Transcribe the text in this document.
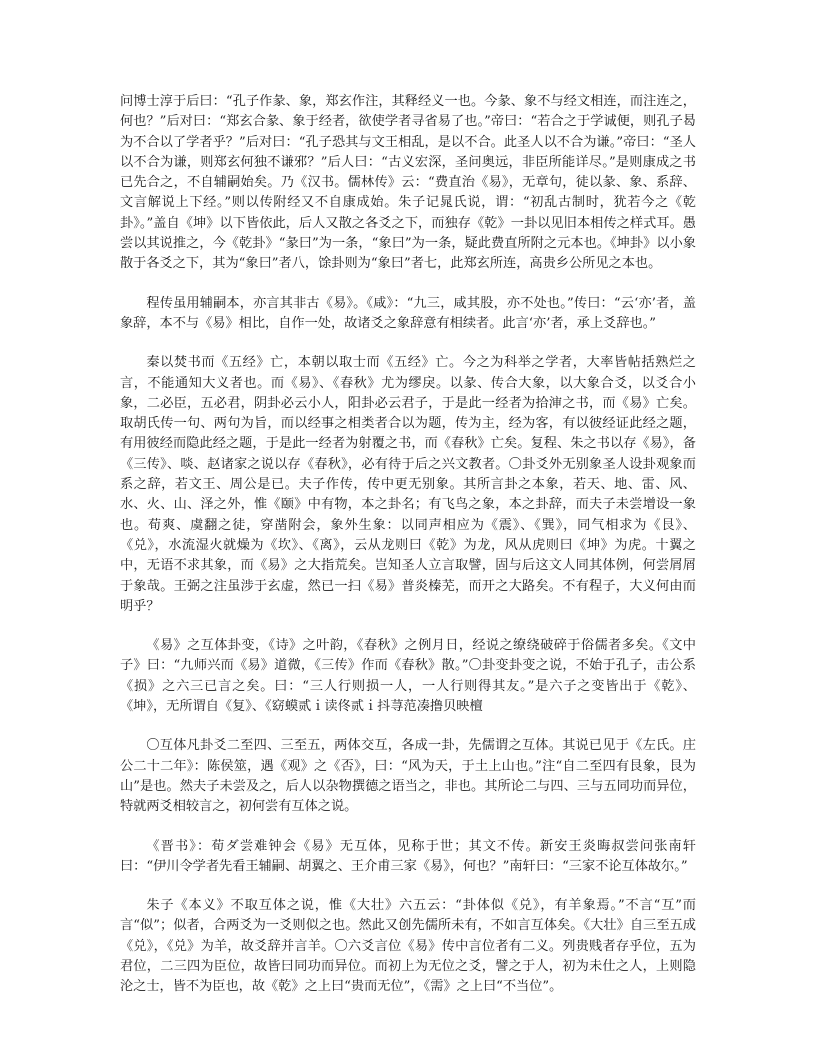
问博士淳于后曰：“孔子作彖、象，郑玄作注，其释经义一也。今彖、象不与经文相连，而注连之，何也？”后对曰：“郑玄合彖、象于经者，欲使学者寻省易了也。”帝曰：“若合之于学诚便，则孔子曷为不合以了学者乎？”后对曰：“孔子恐其与文王相乱，是以不合。此圣人以不合为谦。”帝曰：“圣人以不合为谦，则郑玄何独不谦邪？”后人曰：“古义宏深，圣问奥远，非臣所能详尽。”是则康成之书已先合之，不自辅嗣始矣。乃《汉书。儒林传》云：“费直治《易》，无章句，徒以彖、象、系辞、文言解说上下经。”则以传附经又不自康成始。朱子记晁氏说，谓：“初乱古制时，犹若今之《乾卦》。”盖自《坤》以下皆依此，后人又散之各爻之下，而独存《乾》一卦以见旧本相传之样式耳。愚尝以其说推之，今《乾卦》“彖曰”为一条，“象曰”为一条，疑此费直所附之元本也。《坤卦》以小象散于各爻之下，其为“象曰”者八，馀卦则为“象曰”者七，此郑玄所连，高贵乡公所见之本也。

程传虽用辅嗣本，亦言其非古《易》。《咸》：“九三，咸其股，亦不处也。”传曰：“云‘亦’者，盖象辞，本不与《易》相比，自作一处，故诸爻之象辞意有相续者。此言‘亦’者，承上爻辞也。”

秦以焚书而《五经》亡，本朝以取士而《五经》亡。今之为科举之学者，大率皆帖括熟烂之言，不能通知大义者也。而《易》、《春秋》尤为缪戾。以彖、传合大象，以大象合爻，以爻合小象，二必臣，五必君，阴卦必云小人，阳卦必云君子，于是此一经者为拾渖之书，而《易》亡矣。取胡氏传一句、两句为旨，而以经事之相类者合以为题，传为主，经为客，有以彼经证此经之题，有用彼经而隐此经之题，于是此一经者为射覆之书，而《春秋》亡矣。复程、朱之书以存《易》，备《三传》、啖、赵诸家之说以存《春秋》，必有待于后之兴文教者。〇卦爻外无别象圣人设卦观象而系之辞，若文王、周公是已。夫子作传，传中更无别象。其所言卦之本象，若天、地、雷、风、水、火、山、泽之外，惟《颐》中有物，本之卦名；有飞鸟之象，本之卦辞，而夫子未尝增设一象也。荀爽、虞翻之徒，穿凿附会，象外生象：以同声相应为《震》、《巽》，同气相求为《艮》、《兑》，水流湿火就燥为《坎》、《离》，云从龙则曰《乾》为龙，风从虎则曰《坤》为虎。十翼之中，无语不求其象，而《易》之大指荒矣。岂知圣人立言取譬，固与后这文人同其体例，何尝屑屑于象哉。王弼之注虽涉于玄虚，然已一扫《易》普炎榛芜，而开之大路矣。不有程子，大义何由而明乎？

《易》之互体卦变，《诗》之叶韵，《春秋》之例月日，经说之缭绕破碎于俗儒者多矣。《文中子》曰：“九师兴而《易》道微，《三传》作而《春秋》散。”〇卦变卦变之说，不始于孔子，击公系《损》之六三已言之矣。曰：“三人行则损一人，一人行则得其友。”是六子之变皆出于《乾》、《坤》，无所谓自《复》、《窈蟆贰ｉ读佟贰ｉ抖荨范凑撸贝映檀

〇互体凡卦爻二至四、三至五，两体交互，各成一卦，先儒谓之互体。其说已见于《左氏。庄公二十二年》：陈侯筮，遇《观》之《否》，曰：“风为天，于土上山也。”注“自二至四有艮象，艮为山”是也。然夫子未尝及之，后人以杂物撰德之语当之，非也。其所论二与四、三与五同功而异位，特就两爻相较言之，初何尝有互体之说。

《晋书》：荀ダ尝难钟会《易》无互体，见称于世；其文不传。新安王炎晦叔尝问张南轩曰：“伊川令学者先看王辅嗣、胡翼之、王介甫三家《易》，何也？”南轩曰：“三家不论互体故尔。”

朱子《本义》不取互体之说，惟《大壮》六五云：“卦体似《兑》，有羊象焉。”不言“互”而言“似”；似者，合两爻为一爻则似之也。然此又创先儒所未有，不如言互体矣。《大壮》自三至五成《兑》，《兑》为羊，故爻辞并言羊。〇六爻言位《易》传中言位者有二义。列贵贱者存乎位，五为君位，二三四为臣位，故皆曰同功而异位。而初上为无位之爻，譬之于人，初为未仕之人，上则隐沦之士，皆不为臣也，故《乾》之上曰“贵而无位”，《需》之上曰“不当位”。
